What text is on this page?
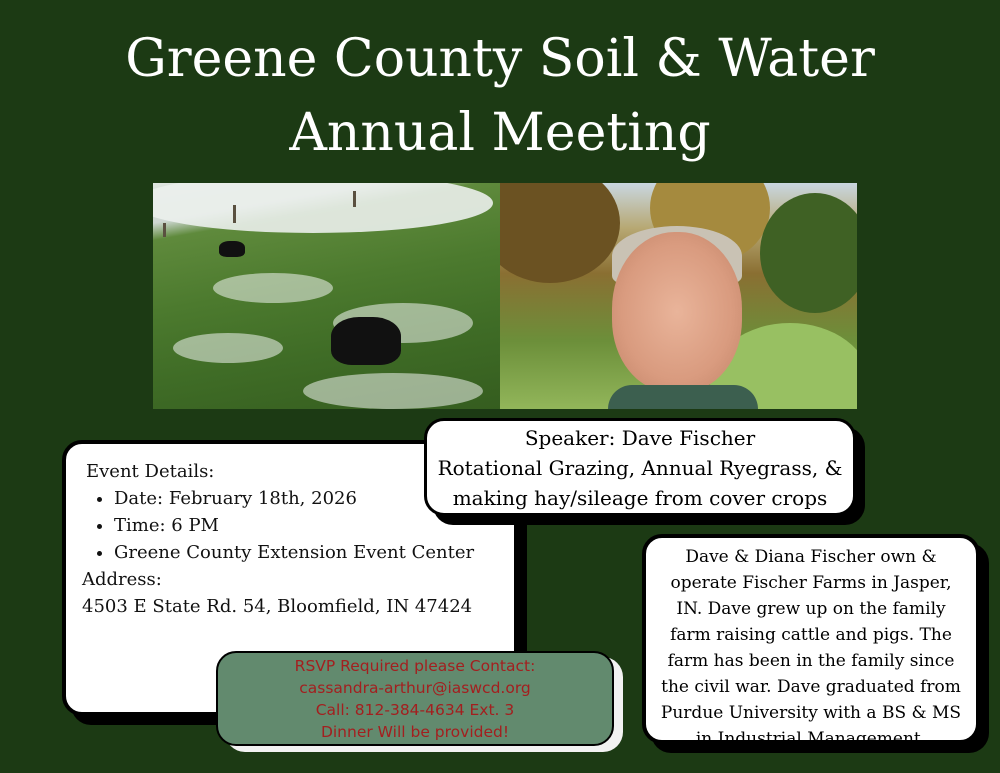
Greene County Soil & Water
Annual Meeting
Event Details:
• Date: February 18th, 2026
• Time: 6 PM
• Greene County Extension Event Center
Address:
4503 E State Rd. 54, Bloomfield, IN 47424
Speaker: Dave Fischer
Rotational Grazing, Annual Ryegrass, &
making hay/sileage from cover crops
Dave & Diana Fischer own & operate Fischer Farms in Jasper, IN. Dave grew up on the family farm raising cattle and pigs. The farm has been in the family since the civil war. Dave graduated from Purdue University with a BS & MS in Industrial Management.
RSVP Required please Contact:
cassandra-arthur@iaswcd.org
Call: 812-384-4634 Ext. 3
Dinner Will be provided!
